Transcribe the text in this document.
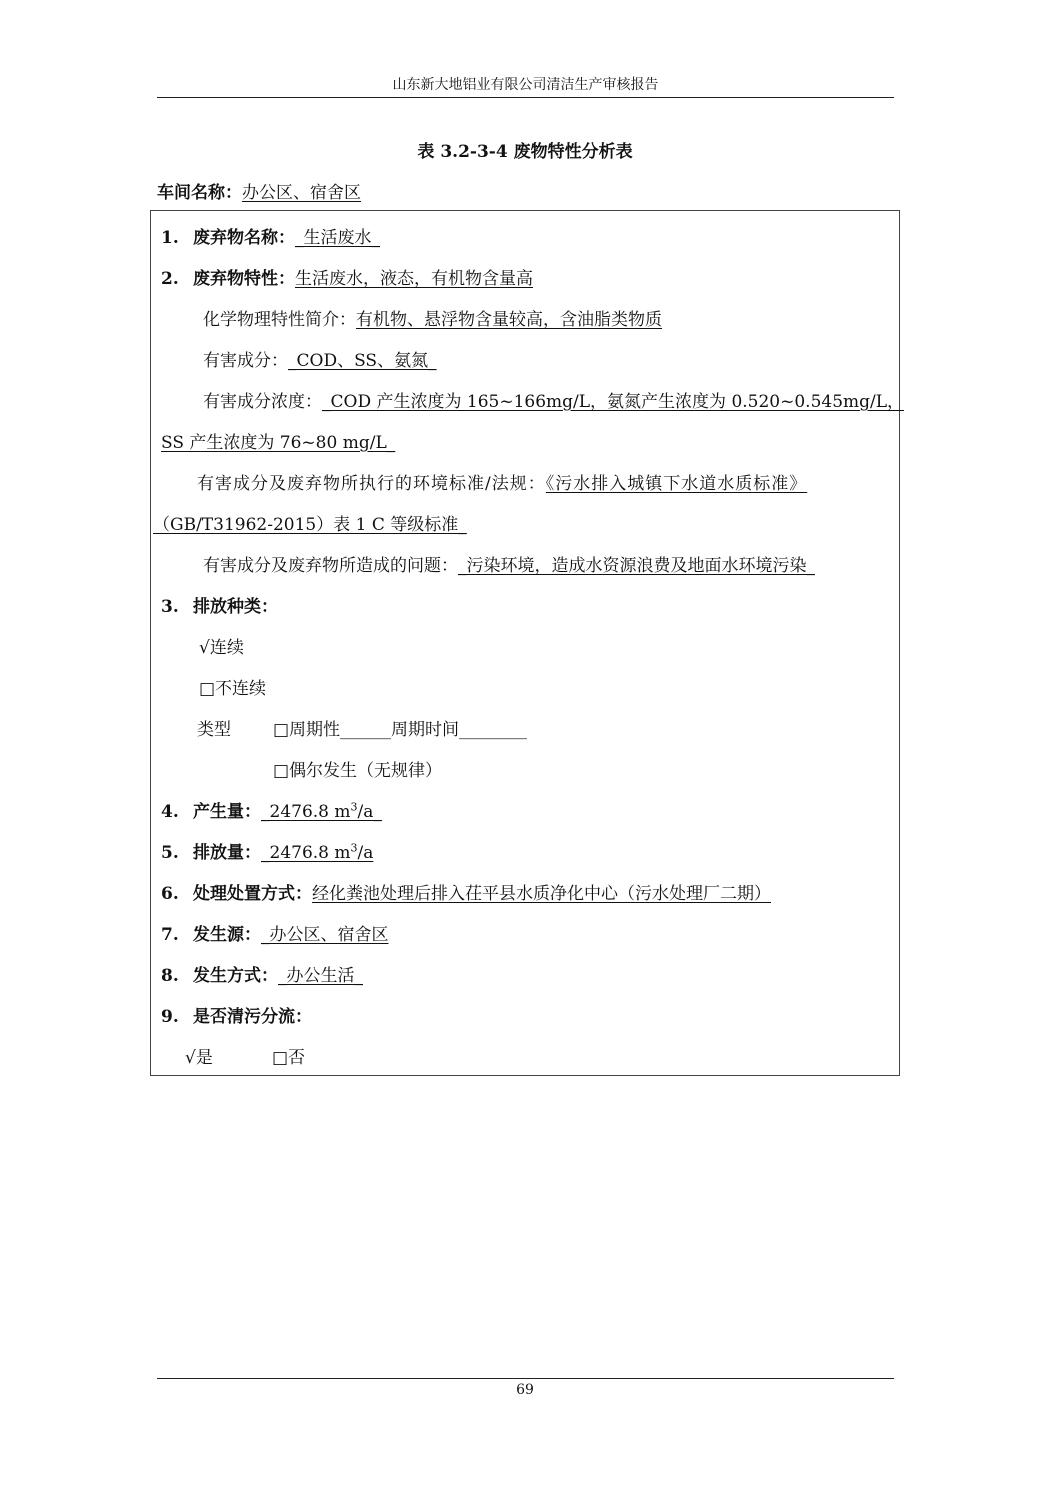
山东新大地铝业有限公司清洁生产审核报告
表 3.2-3-4 废物特性分析表
车间名称：办公区、宿舍区
1. 废弃物名称：_生活废水_
2. 废弃物特性：生活废水，液态，有机物含量高
化学物理特性简介：有机物、悬浮物含量较高，含油脂类物质
有害成分：_COD、SS、氨氮_
有害成分浓度：_COD 产生浓度为 165~166mg/L，氨氮产生浓度为 0.520~0.545mg/L，
SS 产生浓度为 76~80 mg/L_
有害成分及废弃物所执行的环境标准/法规：《污水排入城镇下水道水质标准》
（GB/T31962-2015）表 1 C 等级标准_
有害成分及废弃物所造成的问题：_污染环境，造成水资源浪费及地面水环境污染_
3. 排放种类：
√连续
□不连续
类型 □周期性______周期时间________
□偶尔发生（无规律）
4. 产生量：_2476.8 $m^3/a\_$
5. 排放量：_2476.8 $m^3/a$
6. 处理处置方式：经化粪池处理后排入茌平县水质净化中心（污水处理厂二期）
7. 发生源：_办公区、宿舍区
8. 发生方式：_办公生活_
9. 是否清污分流：
√是	□否
69
